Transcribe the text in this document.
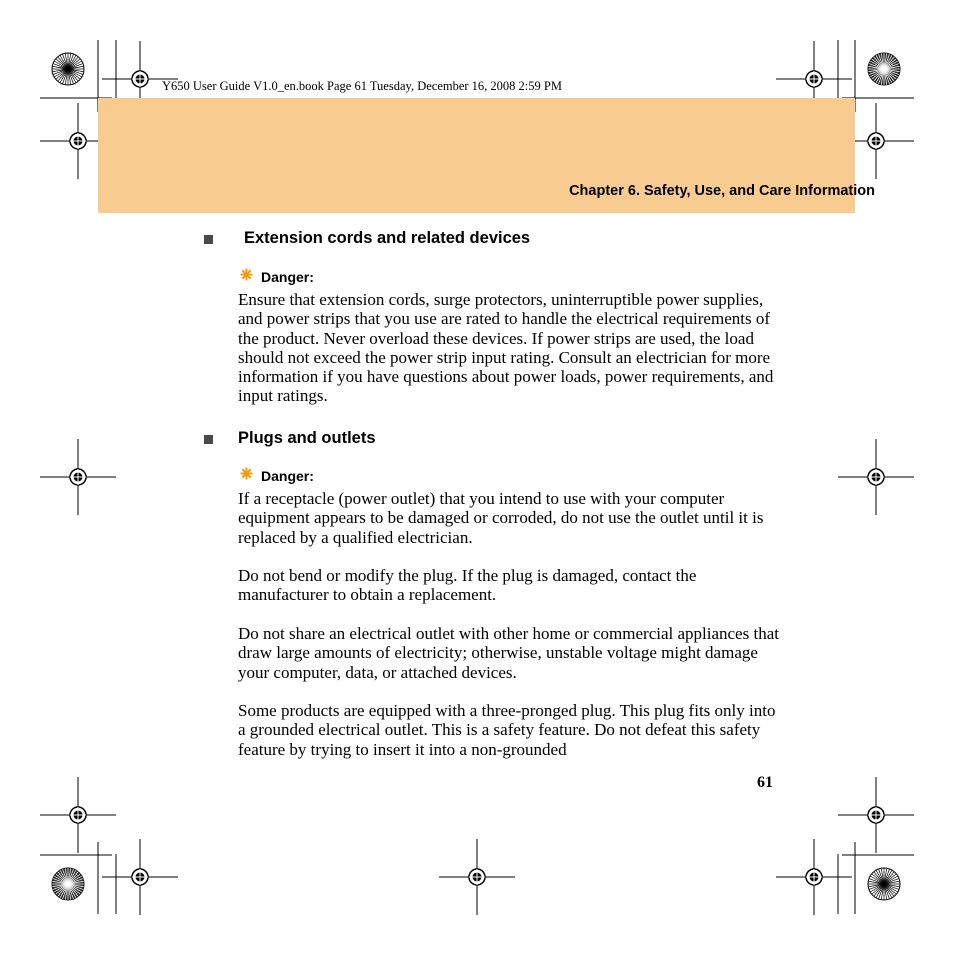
Y650 User Guide V1.0_en.book Page 61 Tuesday, December 16, 2008 2:59 PM
Chapter 6. Safety, Use, and Care Information
Extension cords and related devices
Danger:

Ensure that extension cords, surge protectors, uninterruptible power supplies, and power strips that you use are rated to handle the electrical requirements of the product. Never overload these devices. If power strips are used, the load should not exceed the power strip input rating. Consult an electrician for more information if you have questions about power loads, power requirements, and input ratings.

Plugs and outlets
Danger:

If a receptacle (power outlet) that you intend to use with your computer equipment appears to be damaged or corroded, do not use the outlet until it is replaced by a qualified electrician.

Do not bend or modify the plug. If the plug is damaged, contact the manufacturer to obtain a replacement.

Do not share an electrical outlet with other home or commercial appliances that draw large amounts of electricity; otherwise, unstable voltage might damage your computer, data, or attached devices.

Some products are equipped with a three-pronged plug. This plug fits only into a grounded electrical outlet. This is a safety feature. Do not defeat this safety feature by trying to insert it into a non-grounded

61
